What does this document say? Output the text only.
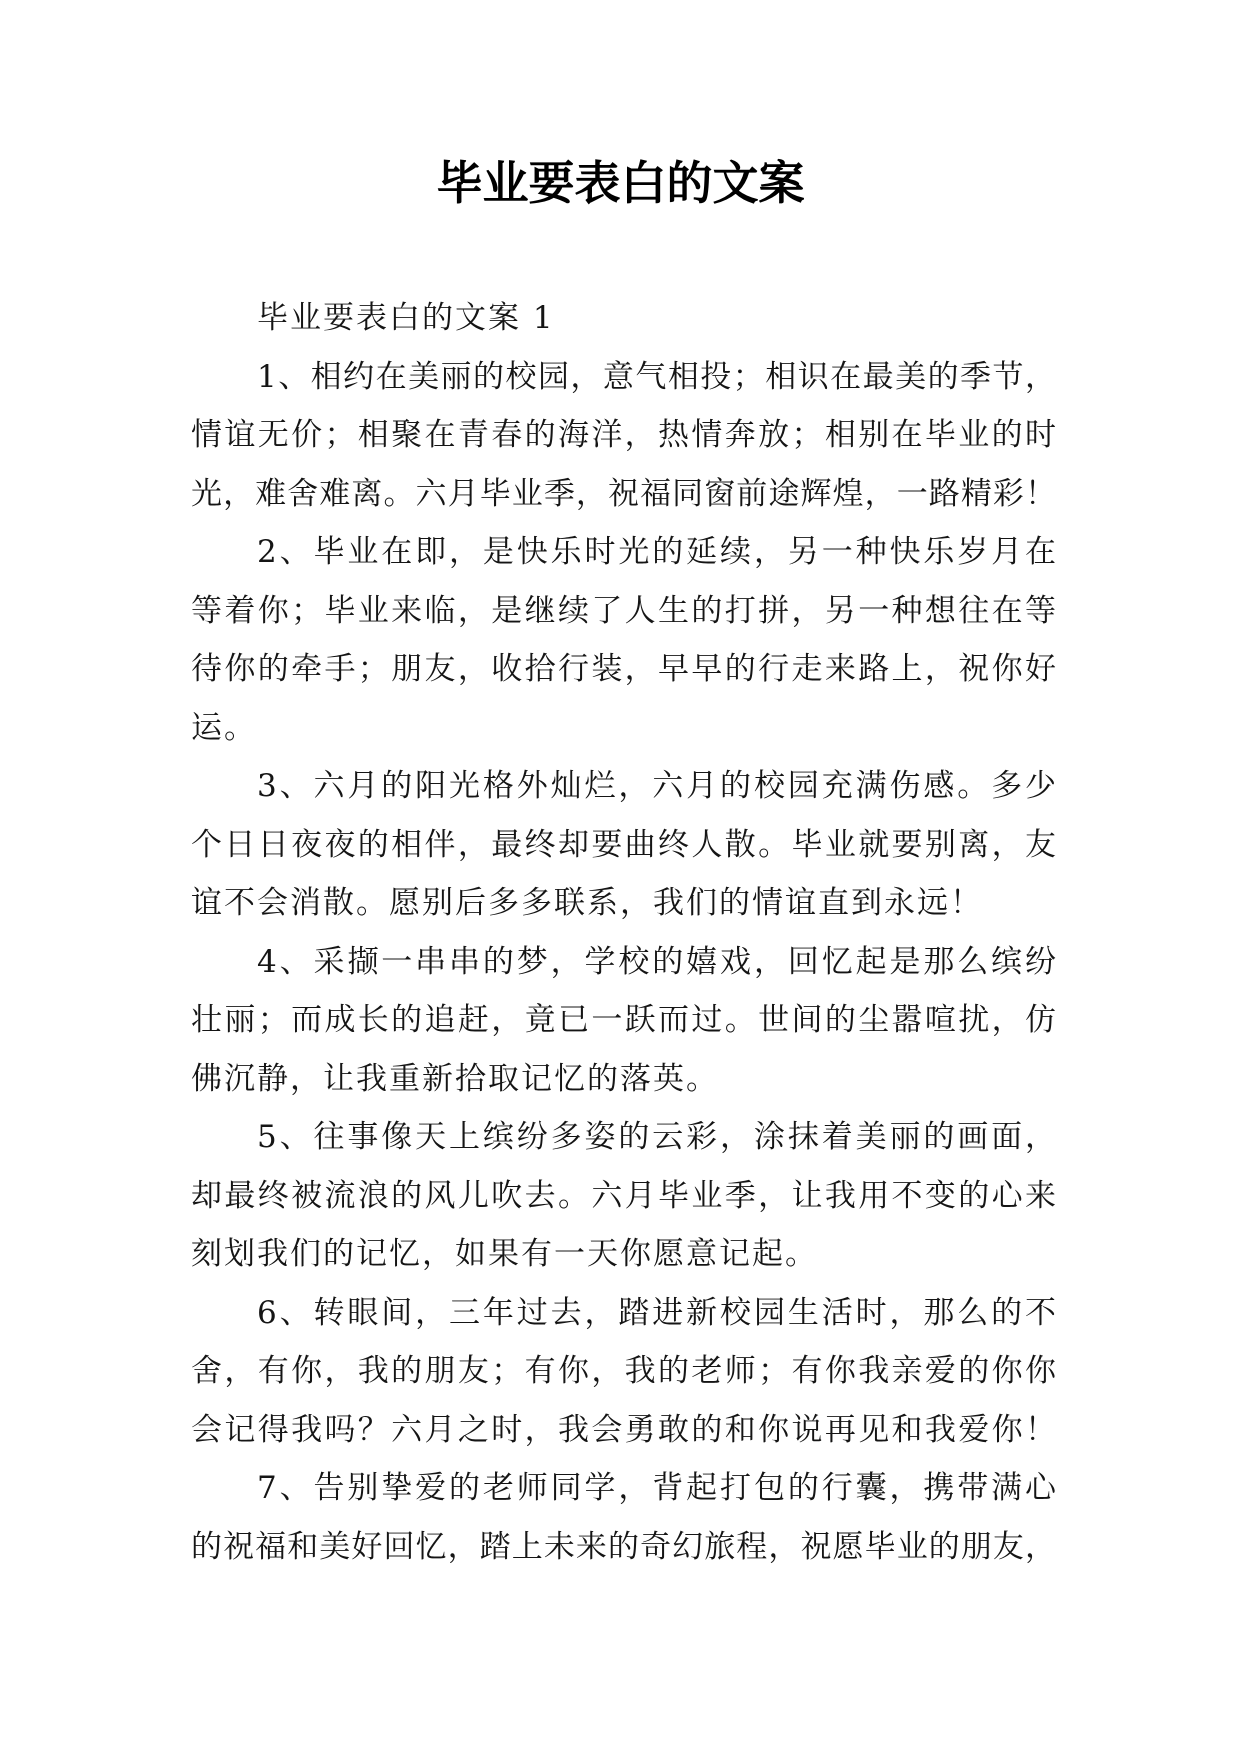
毕业要表白的文案
毕业要表白的文案 1
1、相约在美丽的校园，意气相投；相识在最美的季节，
情谊无价；相聚在青春的海洋，热情奔放；相别在毕业的时
光，难舍难离。六月毕业季，祝福同窗前途辉煌，一路精彩！
2、毕业在即，是快乐时光的延续，另一种快乐岁月在
等着你；毕业来临，是继续了人生的打拼，另一种想往在等
待你的牵手；朋友，收拾行装，早早的行走来路上，祝你好
运。
3、六月的阳光格外灿烂，六月的校园充满伤感。多少
个日日夜夜的相伴，最终却要曲终人散。毕业就要别离，友
谊不会消散。愿别后多多联系，我们的情谊直到永远！
4、采撷一串串的梦，学校的嬉戏，回忆起是那么缤纷
壮丽；而成长的追赶，竟已一跃而过。世间的尘嚣喧扰，仿
佛沉静，让我重新拾取记忆的落英。
5、往事像天上缤纷多姿的云彩，涂抹着美丽的画面，
却最终被流浪的风儿吹去。六月毕业季，让我用不变的心来
刻划我们的记忆，如果有一天你愿意记起。
6、转眼间，三年过去，踏进新校园生活时，那么的不
舍，有你，我的朋友；有你，我的老师；有你我亲爱的你你
会记得我吗？六月之时，我会勇敢的和你说再见和我爱你！
7、告别挚爱的老师同学，背起打包的行囊，携带满心
的祝福和美好回忆，踏上未来的奇幻旅程，祝愿毕业的朋友，
